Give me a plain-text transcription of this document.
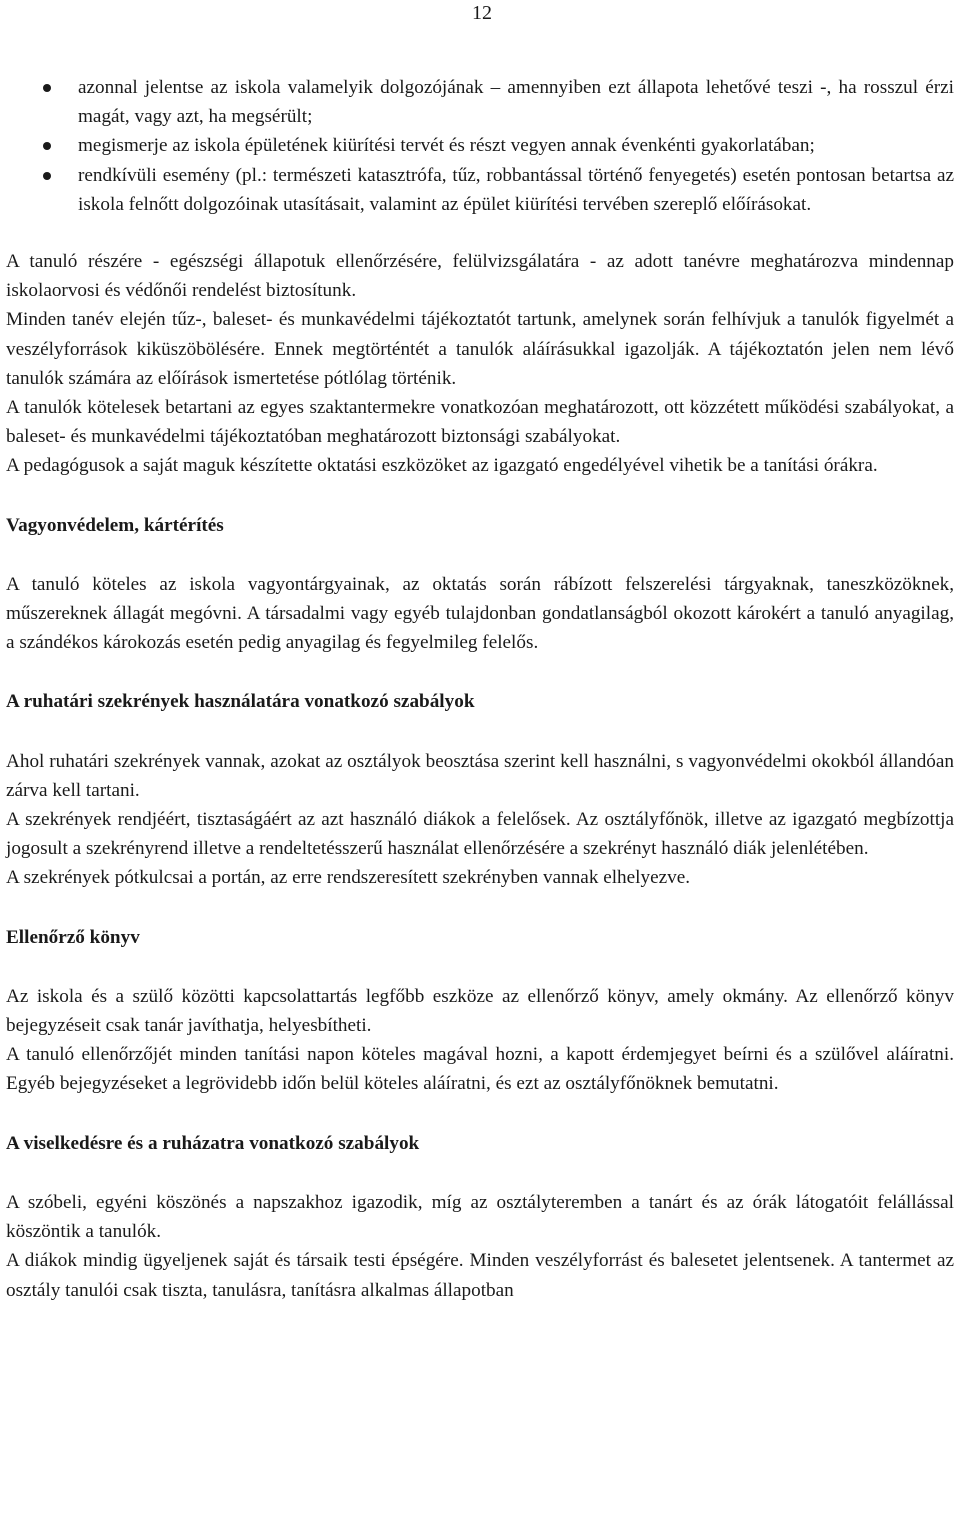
12
azonnal jelentse az iskola valamelyik dolgozójának – amennyiben ezt állapota lehetővé teszi -, ha rosszul érzi magát, vagy azt, ha megsérült;
megismerje az iskola épületének kiürítési tervét és részt vegyen annak évenkénti gyakorlatában;
rendkívüli esemény (pl.: természeti katasztrófa, tűz, robbantással történő fenyegetés) esetén pontosan betartsa az iskola felnőtt dolgozóinak utasításait, valamint az épület kiürítési tervében szereplő előírásokat.

A tanuló részére - egészségi állapotuk ellenőrzésére, felülvizsgálatára - az adott tanévre meghatározva mindennap iskolaorvosi és védőnői rendelést biztosítunk.

Minden tanév elején tűz-, baleset- és munkavédelmi tájékoztatót tartunk, amelynek során felhívjuk a tanulók figyelmét a veszélyforrások kiküszöbölésére. Ennek megtörténtét a tanulók aláírásukkal igazolják. A tájékoztatón jelen nem lévő tanulók számára az előírások ismertetése pótlólag történik.

A tanulók kötelesek betartani az egyes szaktantermekre vonatkozóan meghatározott, ott közzétett működési szabályokat, a baleset- és munkavédelmi tájékoztatóban meghatározott biztonsági szabályokat.

A pedagógusok a saját maguk készítette oktatási eszközöket az igazgató engedélyével vihetik be a tanítási órákra.

Vagyonvédelem, kártérítés

A tanuló köteles az iskola vagyontárgyainak, az oktatás során rábízott felszerelési tárgyaknak, taneszközöknek, műszereknek állagát megóvni. A társadalmi vagy egyéb tulajdonban gondatlanságból okozott károkért a tanuló anyagilag, a szándékos károkozás esetén pedig anyagilag és fegyelmileg felelős.

A ruhatári szekrények használatára vonatkozó szabályok

Ahol ruhatári szekrények vannak, azokat az osztályok beosztása szerint kell használni, s vagyonvédelmi okokból állandóan zárva kell tartani.

A szekrények rendjéért, tisztaságáért az azt használó diákok a felelősek. Az osztályfőnök, illetve az igazgató megbízottja jogosult a szekrényrend illetve a rendeltetésszerű használat ellenőrzésére a szekrényt használó diák jelenlétében.

A szekrények pótkulcsai a portán, az erre rendszeresített szekrényben vannak elhelyezve.

Ellenőrző könyv

Az iskola és a szülő közötti kapcsolattartás legfőbb eszköze az ellenőrző könyv, amely okmány. Az ellenőrző könyv bejegyzéseit csak tanár javíthatja, helyesbítheti.

A tanuló ellenőrzőjét minden tanítási napon köteles magával hozni, a kapott érdemjegyet beírni és a szülővel aláíratni. Egyéb bejegyzéseket a legrövidebb időn belül köteles aláíratni, és ezt az osztályfőnöknek bemutatni.

A viselkedésre és a ruházatra vonatkozó szabályok

A szóbeli, egyéni köszönés a napszakhoz igazodik, míg az osztályteremben a tanárt és az órák látogatóit felállással köszöntik a tanulók.

A diákok mindig ügyeljenek saját és társaik testi épségére. Minden veszélyforrást és balesetet jelentsenek. A tantermet az osztály tanulói csak tiszta, tanulásra, tanításra alkalmas állapotban
